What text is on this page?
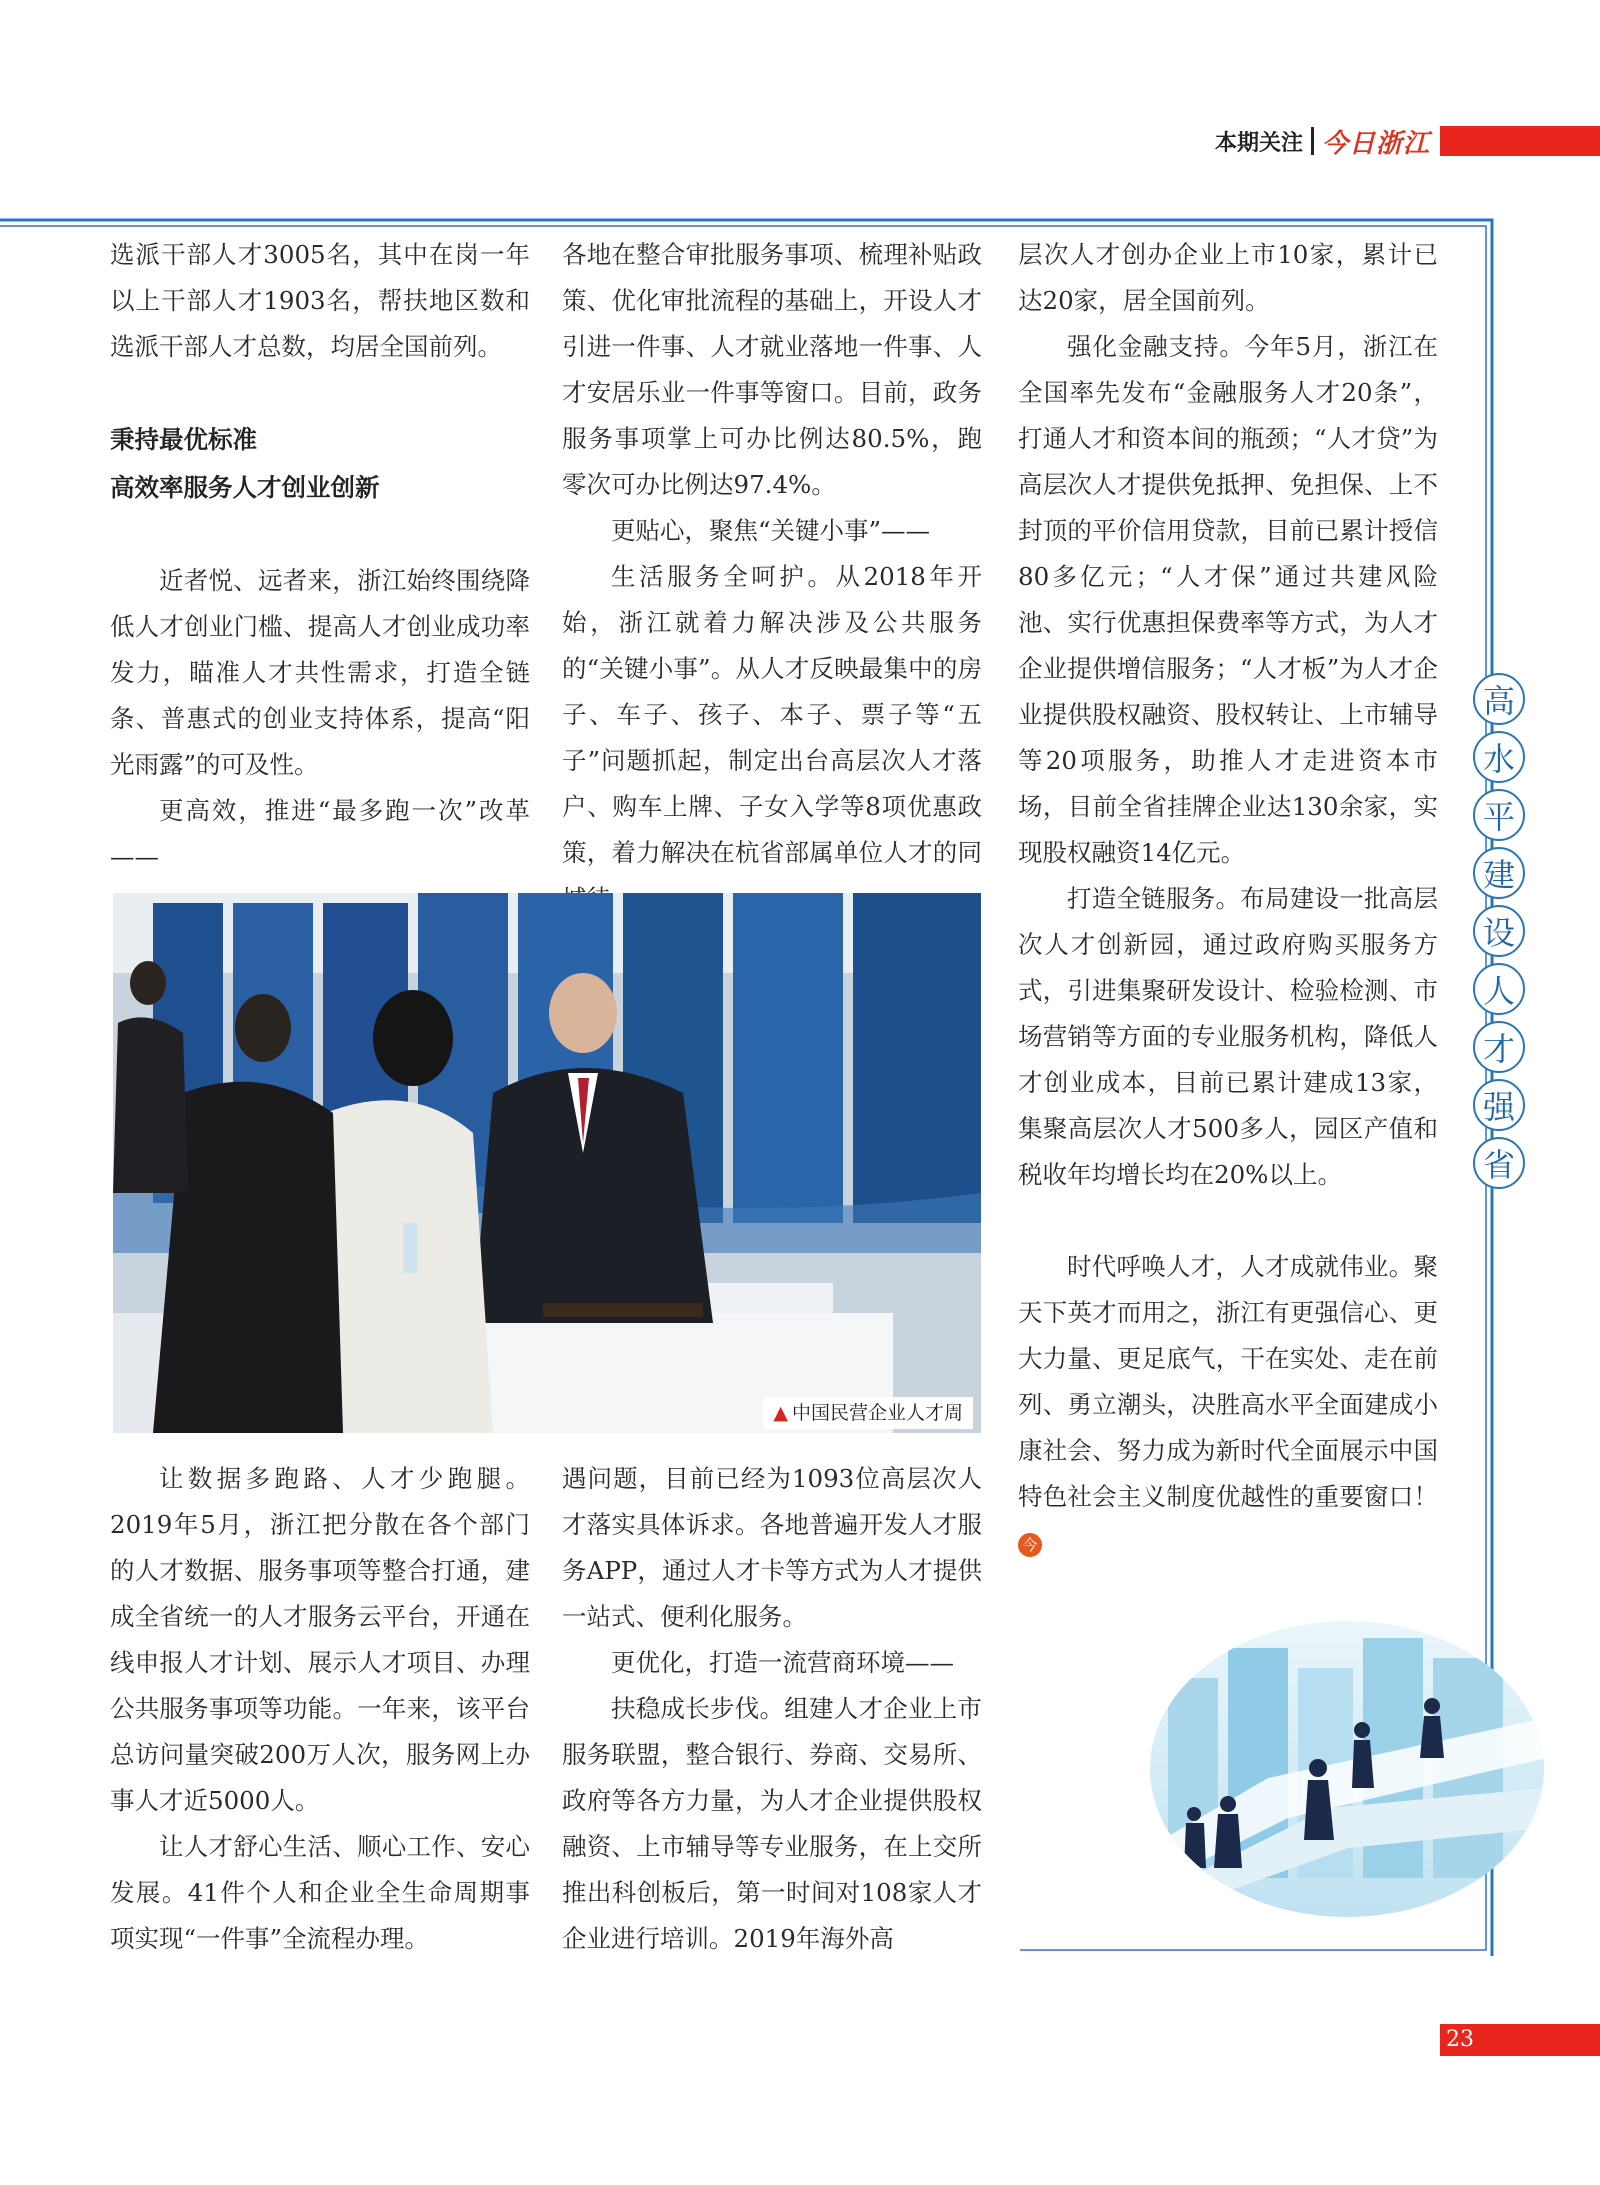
本期关注 今日浙江

选派干部人才3005名，其中在岗一年以上干部人才1903名，帮扶地区数和选派干部人才总数，均居全国前列。

秉持最优标准

高效率服务人才创业创新

近者悦、远者来，浙江始终围绕降低人才创业门槛、提高人才创业成功率发力，瞄准人才共性需求，打造全链条、普惠式的创业支持体系，提高“阳光雨露”的可及性。

更高效，推进“最多跑一次”改革——

各地在整合审批服务事项、梳理补贴政策、优化审批流程的基础上，开设人才引进一件事、人才就业落地一件事、人才安居乐业一件事等窗口。目前，政务服务事项掌上可办比例达80.5%，跑零次可办比例达97.4%。

更贴心，聚焦“关键小事”——

生活服务全呵护。从2018年开始，浙江就着力解决涉及公共服务的“关键小事”。从人才反映最集中的房子、车子、孩子、本子、票子等“五子”问题抓起，制定出台高层次人才落户、购车上牌、子女入学等8项优惠政策，着力解决在杭省部属单位人才的同

▲ 中国民营企业人才周

让数据多跑路、人才少跑腿。2019年5月，浙江把分散在各个部门的人才数据、服务事项等整合打通，建成全省统一的人才服务云平台，开通在线申报人才计划、展示人才项目、办理公共服务事项等功能。一年来，该平台总访问量突破200万人次，服务网上办事人才近5000人。

让人才舒心生活、顺心工作、安心发展。41件个人和企业全生命周期事项实现“一件事”全流程办理。

遇问题，目前已经为1093位高层次人才落实具体诉求。各地普遍开发人才服务APP，通过人才卡等方式为人才提供一站式、便利化服务。

更优化，打造一流营商环境——

扶稳成长步伐。组建人才企业上市服务联盟，整合银行、券商、交易所、政府等各方力量，为人才企业提供股权融资、上市辅导等专业服务，在上交所推出科创板后，第一时间对108家人才企业进行培训。2019年海外高

层次人才创办企业上市10家，累计已达20家，居全国前列。

强化金融支持。今年5月，浙江在全国率先发布“金融服务人才20条”，打通人才和资本间的瓶颈；“人才贷”为高层次人才提供免抵押、免担保、上不封顶的平价信用贷款，目前已累计授信80多亿元；“人才保”通过共建风险池、实行优惠担保费率等方式，为人才企业提供增信服务；“人才板”为人才企业提供股权融资、股权转让、上市辅导等20项服务，助推人才走进资本市场，目前全省挂牌企业达130余家，实现股权融资14亿元。

打造全链服务。布局建设一批高层次人才创新园，通过政府购买服务方式，引进集聚研发设计、检验检测、市场营销等方面的专业服务机构，降低人才创业成本，目前已累计建成13家，集聚高层次人才500多人，园区产值和税收年均增长均在20%以上。

时代呼唤人才，人才成就伟业。聚天下英才而用之，浙江有更强信心、更大力量、更足底气，干在实处、走在前列、勇立潮头，决胜高水平全面建成小康社会、努力成为新时代全面展示中国特色社会主义制度优越性的重要窗口！今

高
水
平
建
设
人
才
强
省
23
